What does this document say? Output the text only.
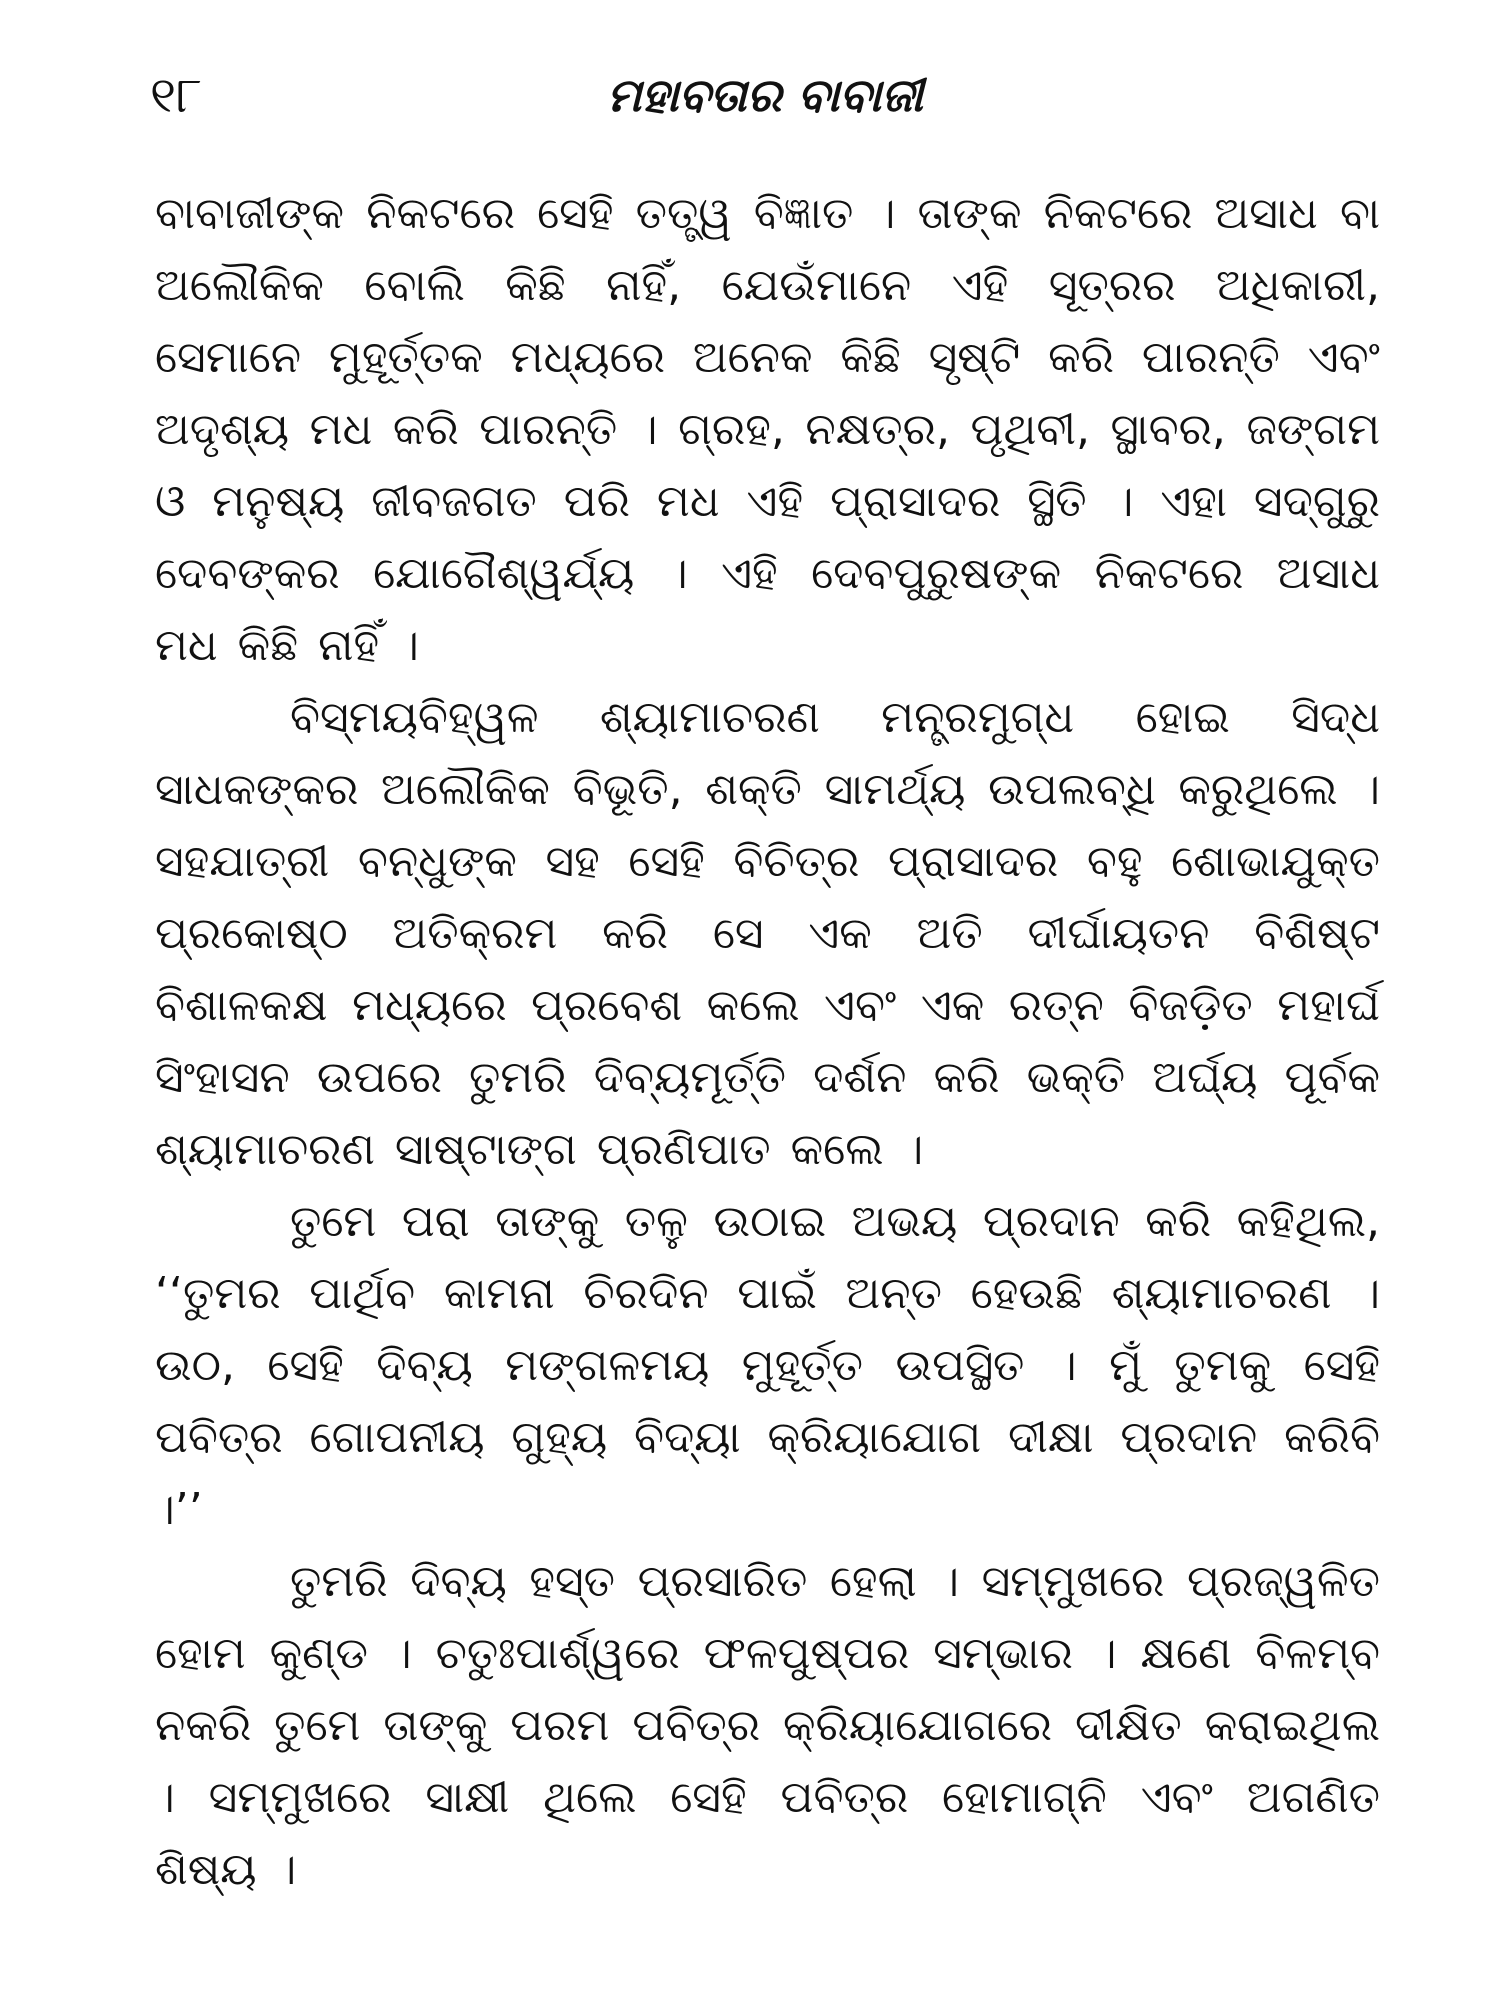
୧୮	ମହାବତାର ବାବାଜୀ

ବାବାଜୀଙ୍କ ନିକଟରେ ସେହି ତତ୍ତ୍ୱ ବିଜ୍ଞାତ । ତାଙ୍କ ନିକଟରେ ଅସାଧ ବା ଅଲୌକିକ ବୋଲି କିଛି ନାହିଁ, ଯେଉଁମାନେ ଏହି ସୂତ୍ରର ଅଧିକାରୀ, ସେମାନେ ମୁହୂର୍ତ୍ତକ ମଧ୍ୟରେ ଅନେକ କିଛି ସୃଷ୍ଟି କରି ପାରନ୍ତି ଏବଂ ଅଦୃଶ୍ୟ ମଧ କରି ପାରନ୍ତି । ଗ୍ରହ, ନକ୍ଷତ୍ର, ପୃଥିବୀ, ସ୍ଥାବର, ଜଙ୍ଗମ ଓ ମନୁଷ୍ୟ ଜୀବଜଗତ ପରି ମଧ ଏହି ପ୍ରାସାଦର ସ୍ଥିତି । ଏହା ସଦ୍‌ଗୁରୁ ଦେବଙ୍କର ଯୋଗୈଶ୍ୱର୍ଯ୍ୟ । ଏହି ଦେବପୁରୁଷଙ୍କ ନିକଟରେ ଅସାଧ ମଧ କିଛି ନାହିଁ ।

ବିସ୍ମୟବିହ୍ୱଳ ଶ୍ୟାମାଚରଣ ମନ୍ତ୍ରମୁଗ୍ଧ ହୋଇ ସିଦ୍ଧ ସାଧକଙ୍କର ଅଲୌକିକ ବିଭୂତି, ଶକ୍ତି ସାମର୍ଥ୍ୟ ଉପଲବ୍ଧି କରୁଥିଲେ । ସହଯାତ୍ରୀ ବନ୍ଧୁଙ୍କ ସହ ସେହି ବିଚିତ୍ର ପ୍ରାସାଦର ବହୁ ଶୋଭାଯୁକ୍ତ ପ୍ରକୋଷ୍ଠ ଅତିକ୍ରମ କରି ସେ ଏକ ଅତି ଦୀର୍ଘାୟତନ ବିଶିଷ୍ଟ ବିଶାଳକକ୍ଷ ମଧ୍ୟରେ ପ୍ରବେଶ କଲେ ଏବଂ ଏକ ରତ୍ନ ବିଜଡ଼ିତ ମହାର୍ଘ ସିଂହାସନ ଉପରେ ତୁମରି ଦିବ୍ୟମୂର୍ତ୍ତି ଦର୍ଶନ କରି ଭକ୍ତି ଅର୍ଘ୍ୟ ପୂର୍ବକ ଶ୍ୟାମାଚରଣ ସାଷ୍ଟାଙ୍ଗ ପ୍ରଣିପାତ କଲେ ।

ତୁମେ ପରା ତାଙ୍କୁ ତଳୁ ଉଠାଇ ଅଭୟ ପ୍ରଦାନ କରି କହିଥିଲ, ‘‘ତୁମର ପାର୍ଥିବ କାମନା ଚିରଦିନ ପାଇଁ ଅନ୍ତ ହେଉଛି ଶ୍ୟାମାଚରଣ । ଉଠ, ସେହି ଦିବ୍ୟ ମଙ୍ଗଳମୟ ମୁହୂର୍ତ୍ତ ଉପସ୍ଥିତ । ମୁଁ ତୁମକୁ ସେହି ପବିତ୍ର ଗୋପନୀୟ ଗୁହ୍ୟ ବିଦ୍ୟା କ୍ରିୟାଯୋଗ ଦୀକ୍ଷା ପ୍ରଦାନ କରିବି ।’’

ତୁମରି ଦିବ୍ୟ ହସ୍ତ ପ୍ରସାରିତ ହେଲା । ସମ୍ମୁଖରେ ପ୍ରଜ୍ୱଳିତ ହୋମ କୁଣ୍ଡ । ଚତୁଃପାର୍ଶ୍ୱରେ ଫଳପୁଷ୍ପର ସମ୍ଭାର । କ୍ଷଣେ ବିଳମ୍ବ ନକରି ତୁମେ ତାଙ୍କୁ ପରମ ପବିତ୍ର କ୍ରିୟାଯୋଗରେ ଦୀକ୍ଷିତ କରାଇଥିଲ । ସମ୍ମୁଖରେ ସାକ୍ଷୀ ଥିଲେ ସେହି ପବିତ୍ର ହୋମାଗ୍ନି ଏବଂ ଅଗଣିତ ଶିଷ୍ୟ ।
